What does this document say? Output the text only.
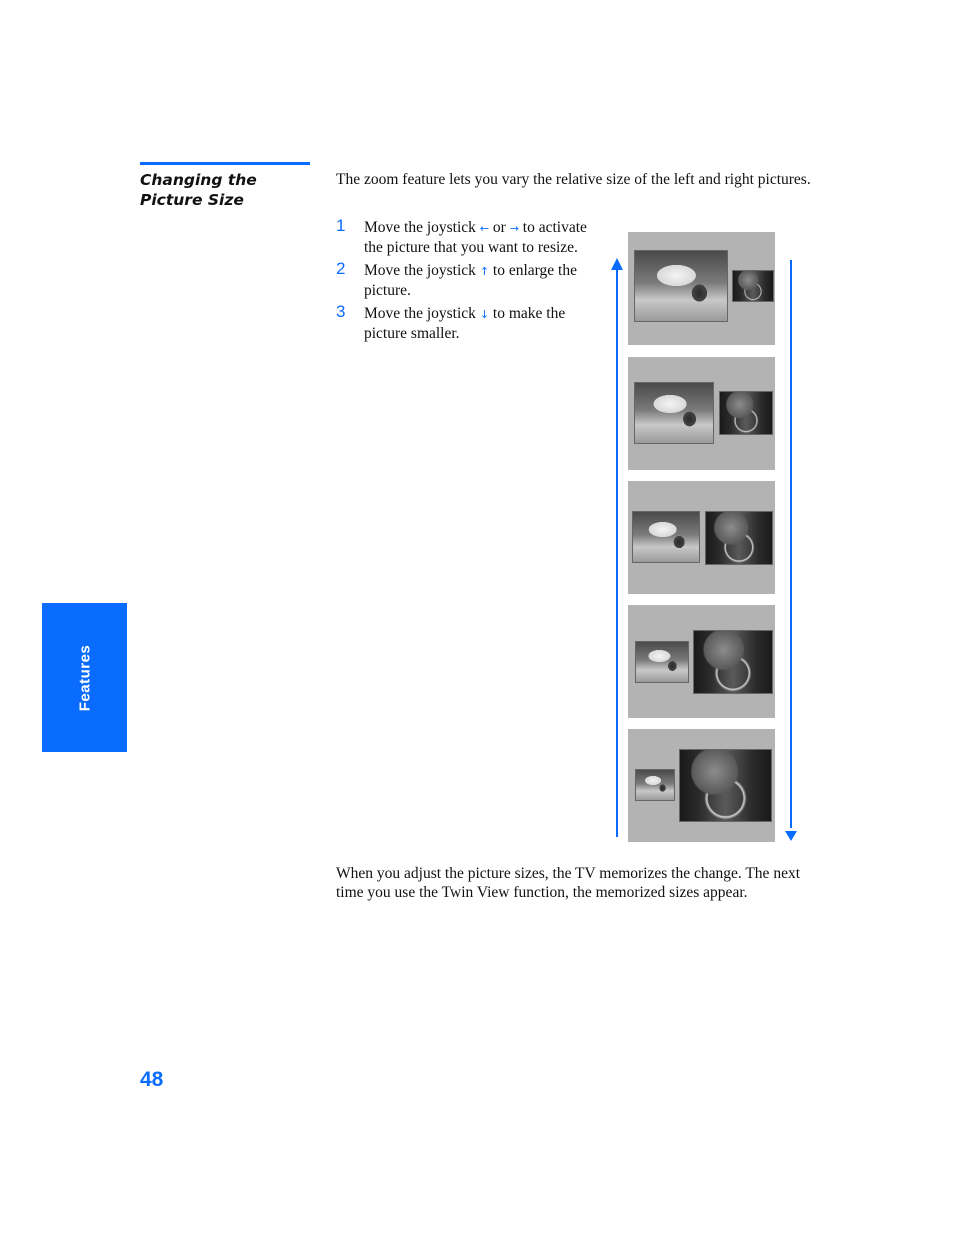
Features
Changing the Picture Size

The zoom feature lets you vary the relative size of the left and right pictures.

1 Move the joystick ← or → to activate the picture that you want to resize.
2 Move the joystick ↑ to enlarge the picture.
3 Move the joystick ↓ to make the picture smaller.

When you adjust the picture sizes, the TV memorizes the change. The next time you use the Twin View function, the memorized sizes appear.

48
